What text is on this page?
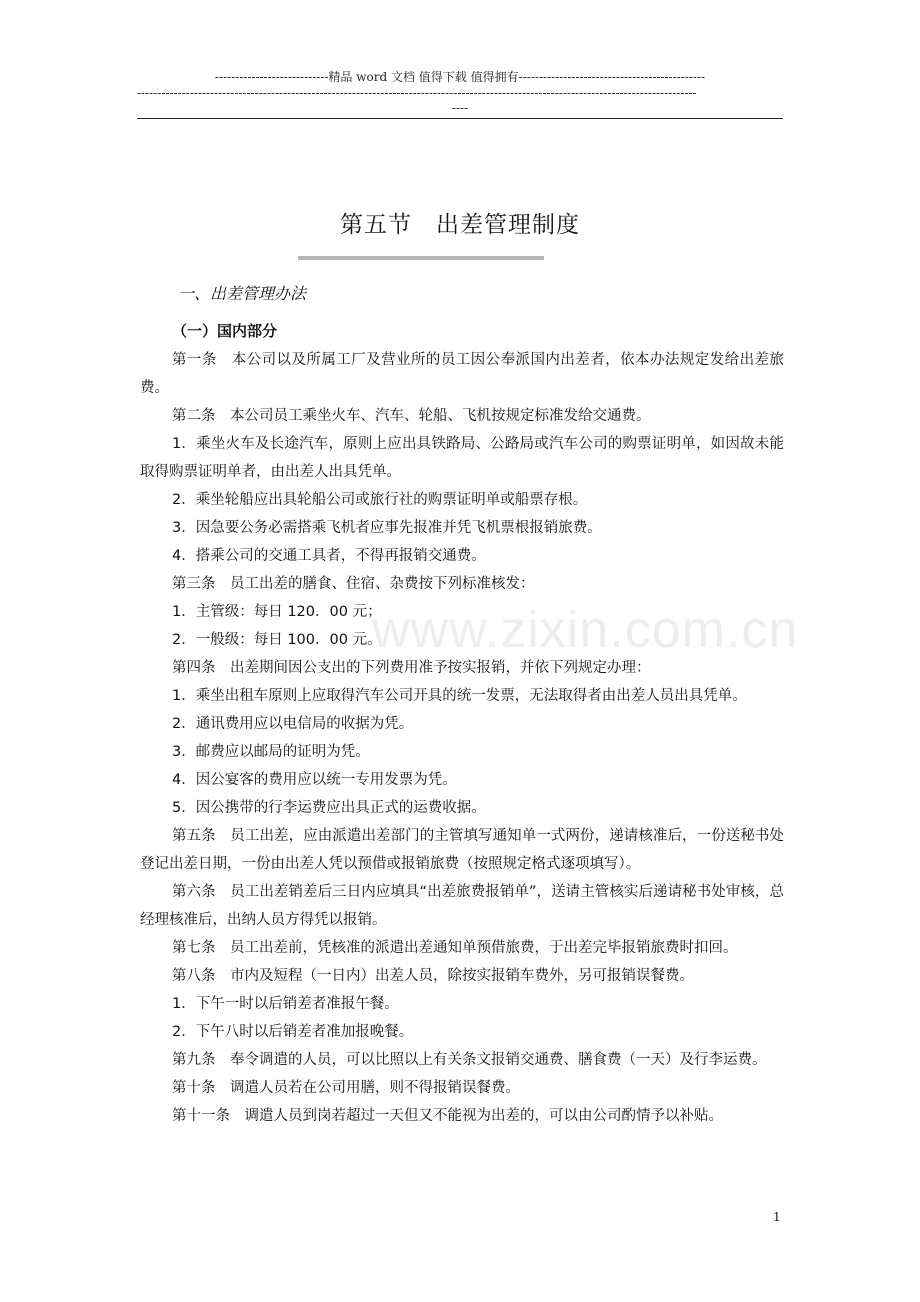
----------------------------精品 word 文档 值得下载 值得拥有----------------------------------------------
------------------------------------------------------------------------------------------------------------------------------------------
----
第五节　出差管理制度
一、出差管理办法
（一）国内部分

第一条　本公司以及所属工厂及营业所的员工因公奉派国内出差者，依本办法规定发给出差旅费。

第二条　本公司员工乘坐火车、汽车、轮船、飞机按规定标准发给交通费。

1．乘坐火车及长途汽车，原则上应出具铁路局、公路局或汽车公司的购票证明单，如因故未能取得购票证明单者，由出差人出具凭单。

2．乘坐轮船应出具轮船公司或旅行社的购票证明单或船票存根。

3．因急要公务必需搭乘飞机者应事先报准并凭飞机票根报销旅费。

4．搭乘公司的交通工具者，不得再报销交通费。

第三条　员工出差的膳食、住宿、杂费按下列标准核发：

1．主管级：每日 120．00 元；

2．一般级：每日 100．00 元。

第四条　出差期间因公支出的下列费用准予按实报销，并依下列规定办理：

1．乘坐出租车原则上应取得汽车公司开具的统一发票，无法取得者由出差人员出具凭单。

2．通讯费用应以电信局的收据为凭。

3．邮费应以邮局的证明为凭。

4．因公宴客的费用应以统一专用发票为凭。

5．因公携带的行李运费应出具正式的运费收据。

第五条　员工出差，应由派遣出差部门的主管填写通知单一式两份，递请核准后，一份送秘书处登记出差日期，一份由出差人凭以预借或报销旅费（按照规定格式逐项填写）。

第六条　员工出差销差后三日内应填具“出差旅费报销单”，送请主管核实后递请秘书处审核，总经理核准后，出纳人员方得凭以报销。

第七条　员工出差前，凭核准的派遣出差通知单预借旅费，于出差完毕报销旅费时扣回。

第八条　市内及短程（一日内）出差人员，除按实报销车费外，另可报销误餐费。

1．下午一时以后销差者准报午餐。

2．下午八时以后销差者准加报晚餐。

第九条　奉令调遣的人员，可以比照以上有关条文报销交通费、膳食费（一天）及行李运费。

第十条　调遣人员若在公司用膳，则不得报销误餐费。

第十一条　调遣人员到岗若超过一天但又不能视为出差的，可以由公司酌情予以补贴。

www.zixin.com.cn
1
